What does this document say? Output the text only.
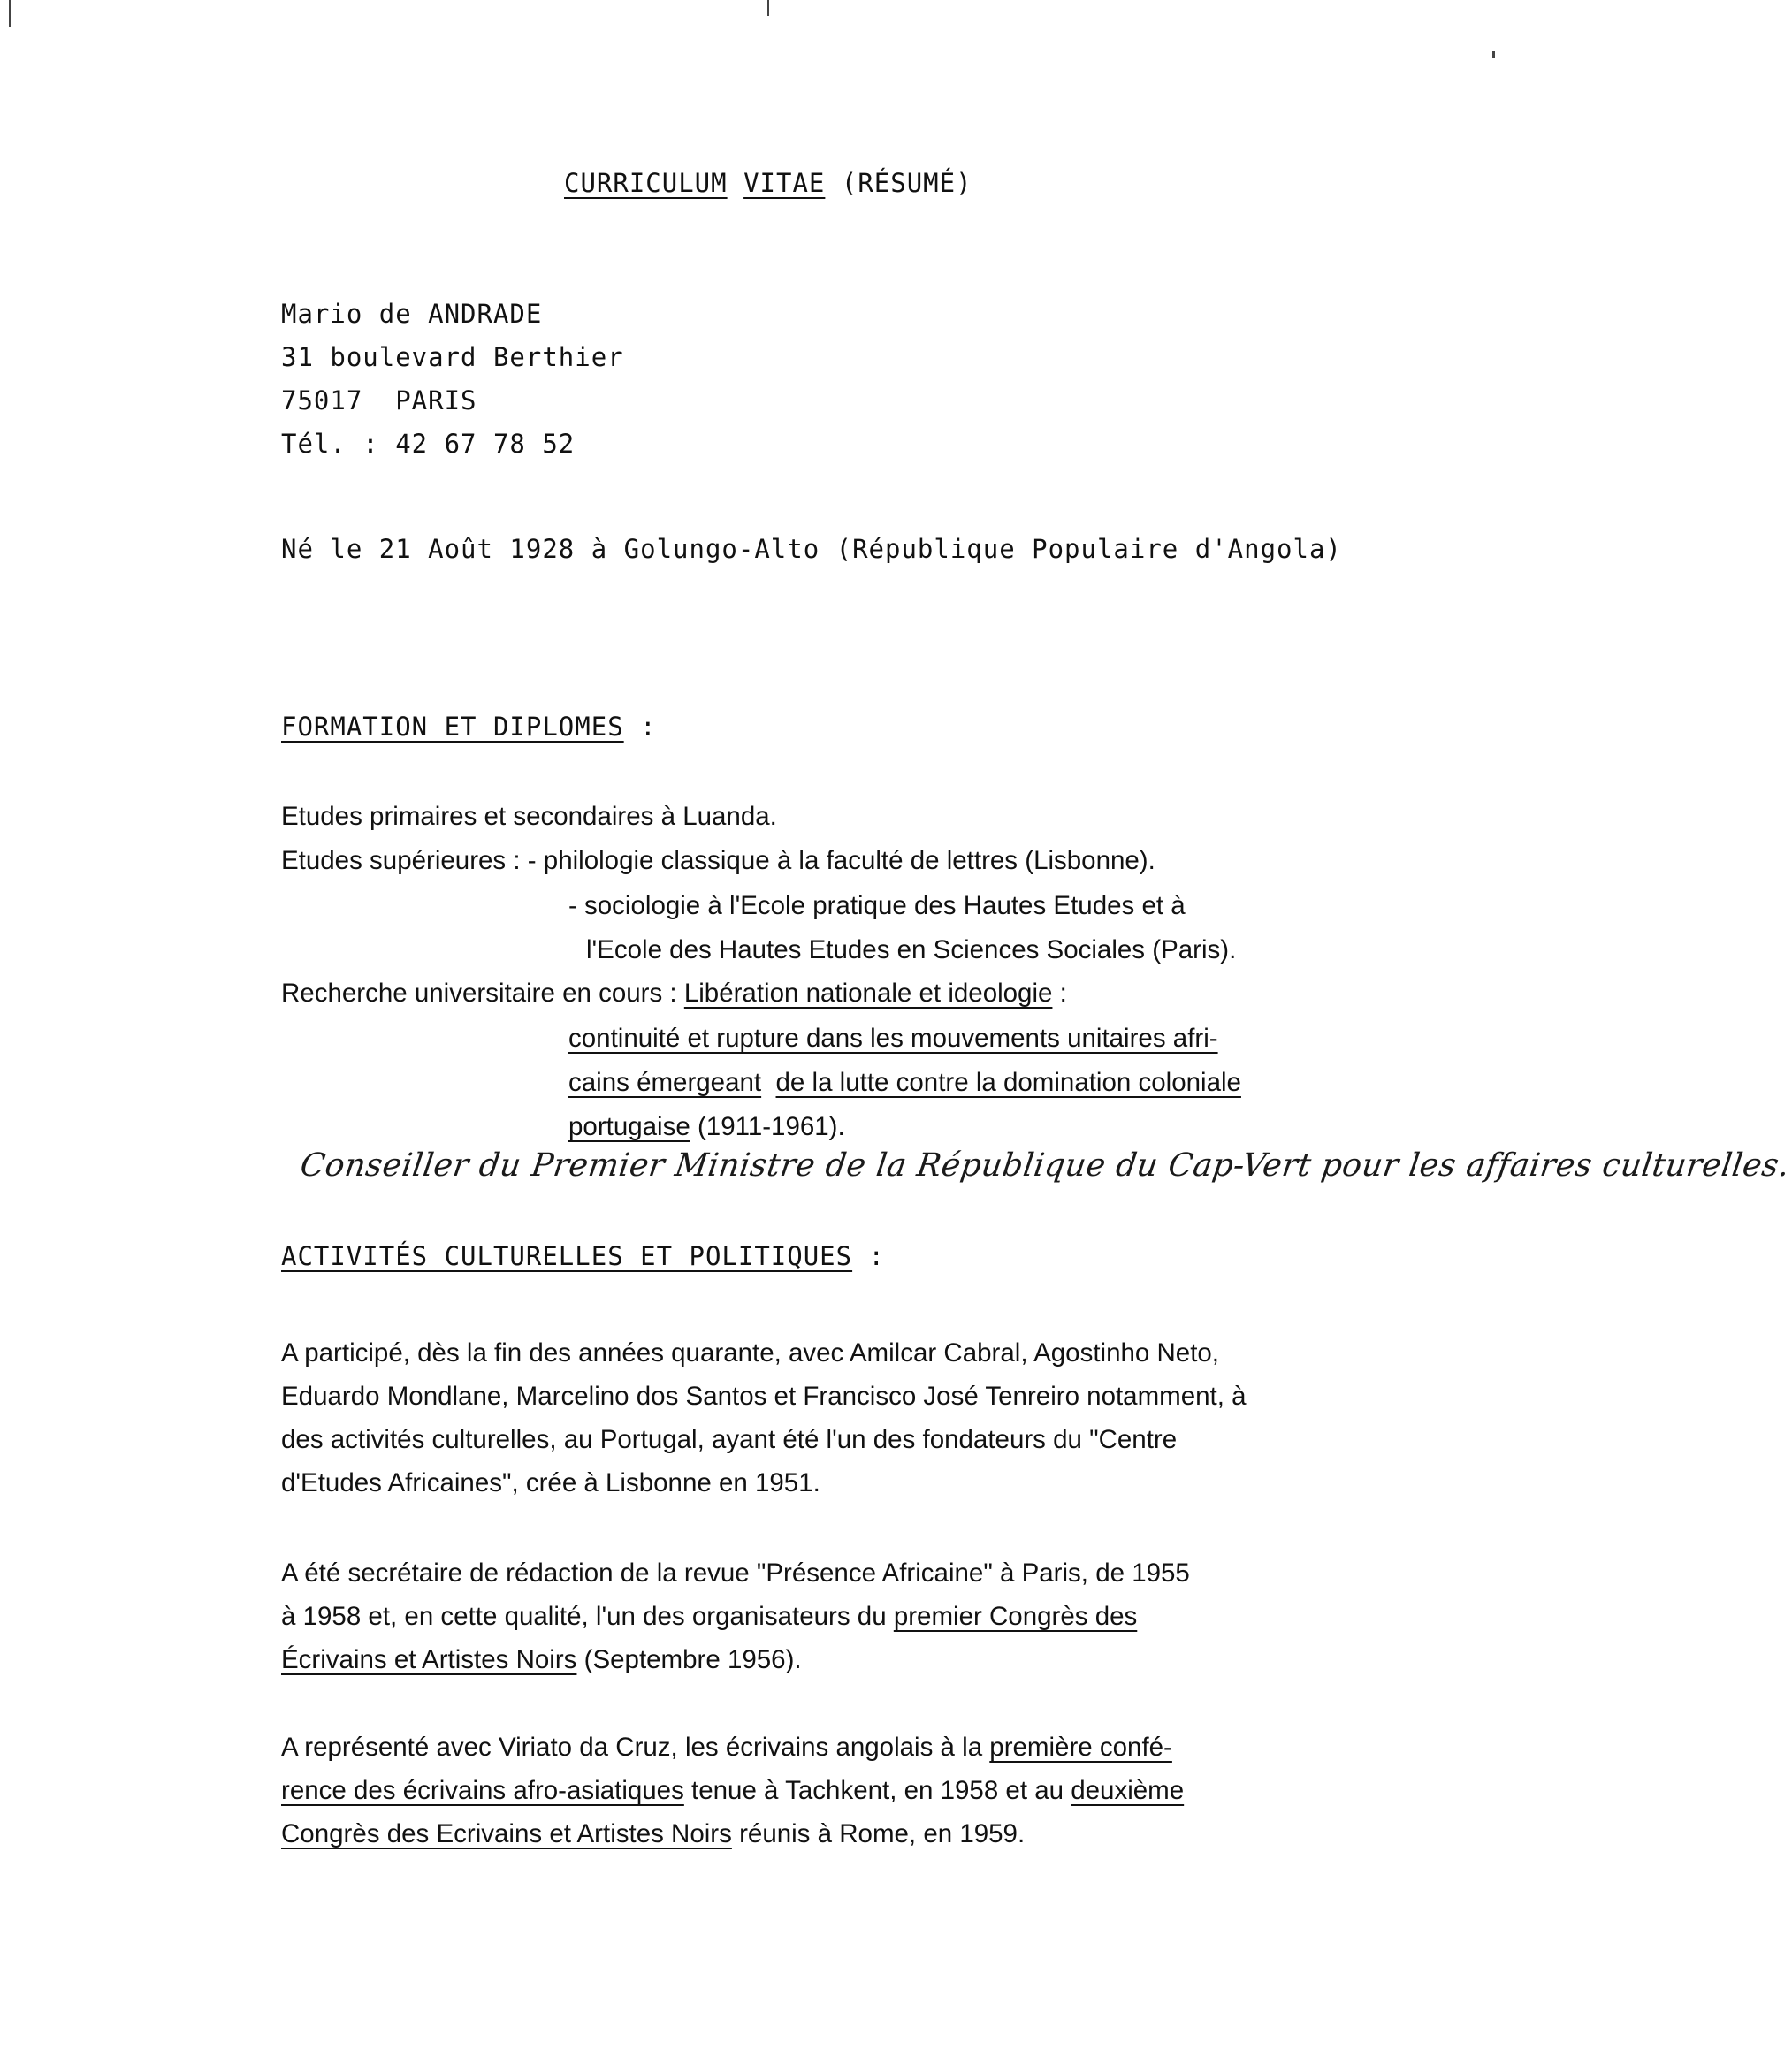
CURRICULUM VITAE (RÉSUMÉ)
Mario de ANDRADE
31 boulevard Berthier
75017  PARIS
Tél. : 42 67 78 52
Né le 21 Août 1928 à Golungo-Alto (République Populaire d'Angola)
FORMATION ET DIPLOMES :
Etudes primaires et secondaires à Luanda.
Etudes supérieures : - philologie classique à la faculté de lettres (Lisbonne).
- sociologie à l'Ecole pratique des Hautes Etudes et à
l'Ecole des Hautes Etudes en Sciences Sociales (Paris).
Recherche universitaire en cours : Libération nationale et ideologie :
continuité et rupture dans les mouvements unitaires afri-
cains émergeant de la lutte contre la domination coloniale
portugaise (1911-1961).
Conseiller du Premier Ministre de la République du Cap-Vert pour les affaires culturelles.
ACTIVITÉS CULTURELLES ET POLITIQUES :
A participé, dès la fin des années quarante, avec Amilcar Cabral, Agostinho Neto,
Eduardo Mondlane, Marcelino dos Santos et Francisco José Tenreiro notamment, à
des activités culturelles, au Portugal, ayant été l'un des fondateurs du "Centre
d'Etudes Africaines", crée à Lisbonne en 1951.
A été secrétaire de rédaction de la revue "Présence Africaine" à Paris, de 1955
à 1958 et, en cette qualité, l'un des organisateurs du premier Congrès des
Écrivains et Artistes Noirs (Septembre 1956).
A représenté avec Viriato da Cruz, les écrivains angolais à la première confé-
rence des écrivains afro-asiatiques tenue à Tachkent, en 1958 et au deuxième
Congrès des Ecrivains et Artistes Noirs réunis à Rome, en 1959.
